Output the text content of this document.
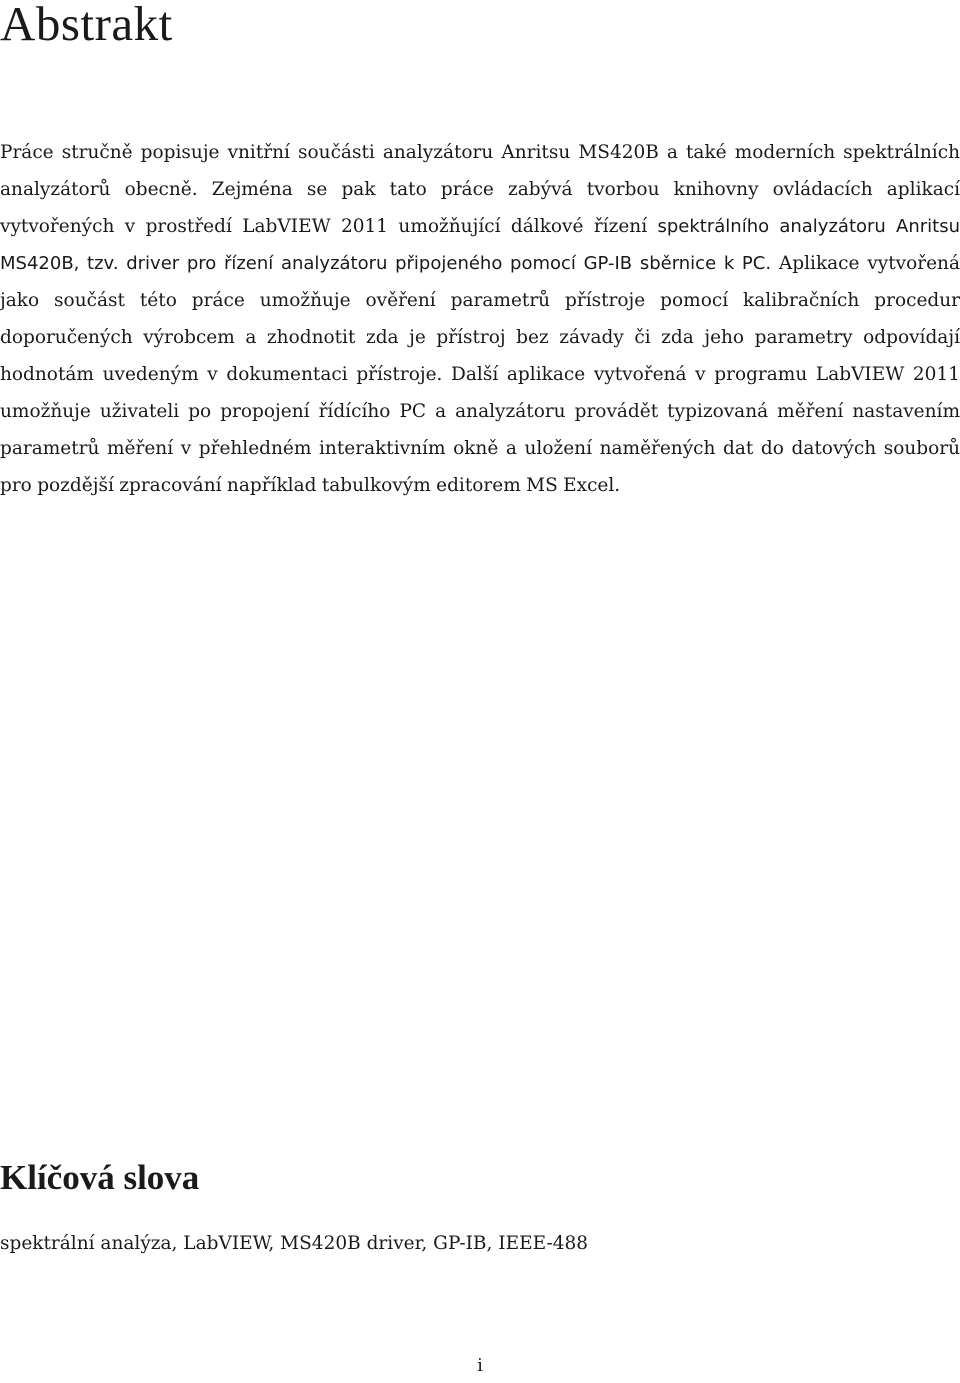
Abstrakt

Práce stručně popisuje vnitřní součásti analyzátoru Anritsu MS420B a také moderních spektrálních analyzátorů obecně. Zejména se pak tato práce zabývá tvorbou knihovny ovládacích aplikací vytvořených v prostředí LabVIEW 2011 umožňující dálkové řízení spektrálního analyzátoru Anritsu MS420B, tzv. driver pro řízení analyzátoru připojeného pomocí GP-IB sběrnice k PC. Aplikace vytvořená jako součást této práce umožňuje ověření parametrů přístroje pomocí kalibračních procedur doporučených výrobcem a zhodnotit zda je přístroj bez závady či zda jeho parametry odpovídají hodnotám uvedeným v dokumentaci přístroje. Další aplikace vytvořená v programu LabVIEW 2011 umožňuje uživateli po propojení řídícího PC a analyzátoru provádět typizovaná měření nastavením parametrů měření v přehledném interaktivním okně a uložení naměřených dat do datových souborů pro pozdější zpracování například tabulkovým editorem MS Excel.

Klíčová slova

spektrální analýza, LabVIEW, MS420B driver, GP-IB, IEEE-488

i
